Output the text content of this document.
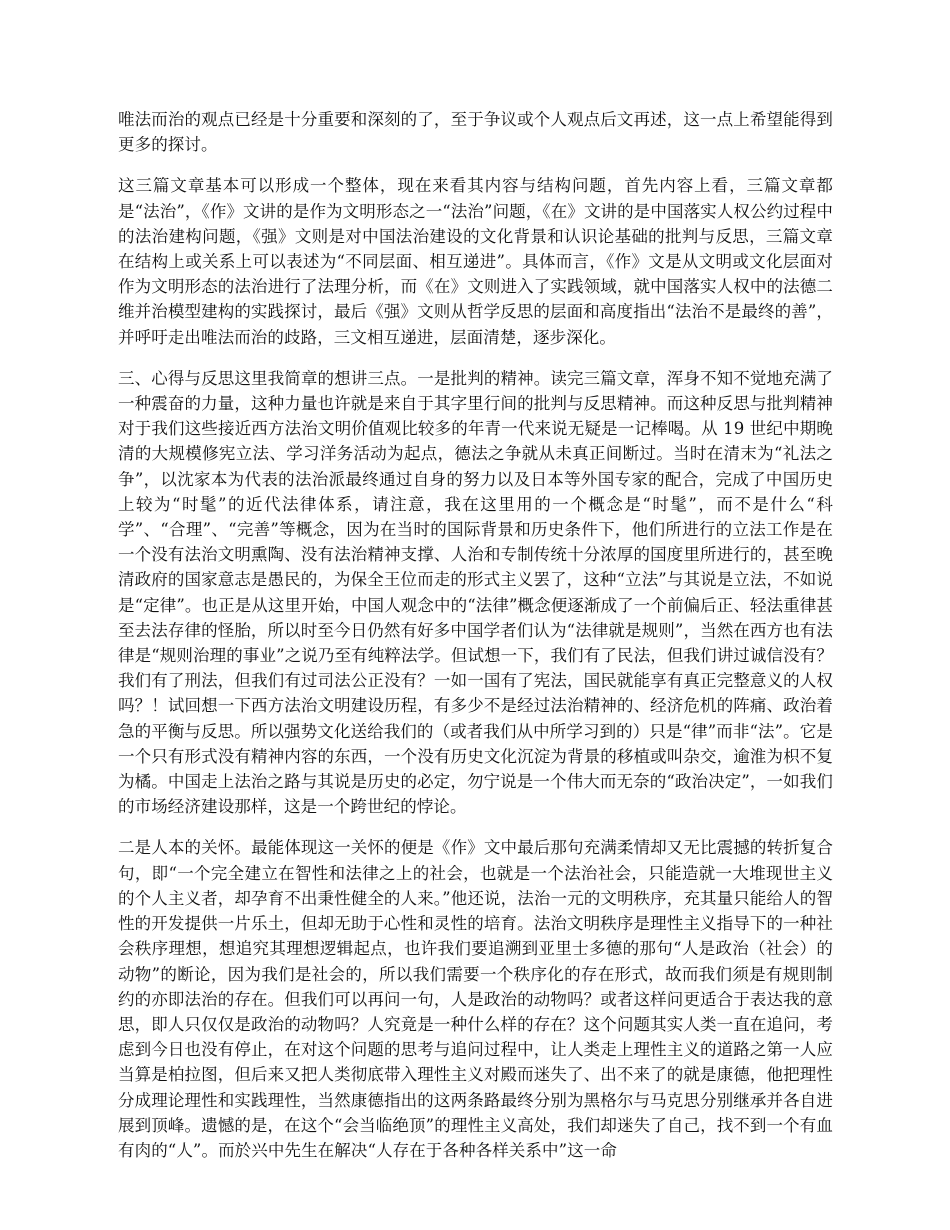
唯法而治的观点已经是十分重要和深刻的了，至于争议或个人观点后文再述，这一点上希望能得到更多的探讨。

这三篇文章基本可以形成一个整体，现在来看其内容与结构问题，首先内容上看，三篇文章都是“法治”，《作》文讲的是作为文明形态之一“法治”问题，《在》文讲的是中国落实人权公约过程中的法治建构问题，《强》文则是对中国法治建设的文化背景和认识论基础的批判与反思，三篇文章在结构上或关系上可以表述为“不同层面、相互递进”。具体而言，《作》文是从文明或文化层面对作为文明形态的法治进行了法理分析，而《在》文则进入了实践领域，就中国落实人权中的法德二维并治模型建构的实践探讨，最后《强》文则从哲学反思的层面和高度指出“法治不是最终的善”，并呼吁走出唯法而治的歧路，三文相互递进，层面清楚，逐步深化。

三、心得与反思这里我简章的想讲三点。一是批判的精神。读完三篇文章，浑身不知不觉地充满了一种震奋的力量，这种力量也许就是来自于其字里行间的批判与反思精神。而这种反思与批判精神对于我们这些接近西方法治文明价值观比较多的年青一代来说无疑是一记棒喝。从 19 世纪中期晚清的大规模修宪立法、学习洋务活动为起点，德法之争就从未真正间断过。当时在清末为“礼法之争”，以沈家本为代表的法治派最终通过自身的努力以及日本等外国专家的配合，完成了中国历史上较为“时髦”的近代法律体系，请注意，我在这里用的一个概念是“时髦”，而不是什么“科学”、“合理”、“完善”等概念，因为在当时的国际背景和历史条件下，他们所进行的立法工作是在一个没有法治文明熏陶、没有法治精神支撑、人治和专制传统十分浓厚的国度里所进行的，甚至晚清政府的国家意志是愚民的，为保全王位而走的形式主义罢了，这种“立法”与其说是立法，不如说是“定律”。也正是从这里开始，中国人观念中的“法律”概念便逐渐成了一个前偏后正、轻法重律甚至去法存律的怪胎，所以时至今日仍然有好多中国学者们认为“法律就是规则”，当然在西方也有法律是“规则治理的事业”之说乃至有纯粹法学。但试想一下，我们有了民法，但我们讲过诚信没有？我们有了刑法，但我们有过司法公正没有？一如一国有了宪法，国民就能享有真正完整意义的人权吗？！试回想一下西方法治文明建设历程，有多少不是经过法治精神的、经济危机的阵痛、政治着急的平衡与反思。所以强势文化送给我们的（或者我们从中所学习到的）只是“律”而非“法”。它是一个只有形式没有精神内容的东西，一个没有历史文化沉淀为背景的移植或叫杂交，逾淮为枳不复为橘。中国走上法治之路与其说是历史的必定，勿宁说是一个伟大而无奈的“政治决定”，一如我们的市场经济建设那样，这是一个跨世纪的悖论。

二是人本的关怀。最能体现这一关怀的便是《作》文中最后那句充满柔情却又无比震撼的转折复合句，即“一个完全建立在智性和法律之上的社会，也就是一个法治社会，只能造就一大堆现世主义的个人主义者，却孕育不出秉性健全的人来。”他还说，法治一元的文明秩序，充其量只能给人的智性的开发提供一片乐土，但却无助于心性和灵性的培育。法治文明秩序是理性主义指导下的一种社会秩序理想，想追究其理想逻辑起点，也许我们要追溯到亚里士多德的那句“人是政治（社会）的动物”的断论，因为我们是社会的，所以我们需要一个秩序化的存在形式，故而我们须是有规則制约的亦即法治的存在。但我们可以再问一句，人是政治的动物吗？或者这样问更适合于表达我的意思，即人只仅仅是政治的动物吗？人究竟是一种什么样的存在？这个问题其实人类一直在追问，考虑到今日也没有停止，在对这个问题的思考与追问过程中，让人类走上理性主义的道路之第一人应当算是柏拉图，但后来又把人类彻底带入理性主义对殿而迷失了、出不来了的就是康德，他把理性分成理论理性和实践理性，当然康德指出的这两条路最终分别为黑格尔与马克思分别继承并各自进展到顶峰。遗憾的是，在这个“会当临绝顶”的理性主义高处，我们却迷失了自己，找不到一个有血有肉的“人”。而於兴中先生在解决“人存在于各种各样关系中”这一命
